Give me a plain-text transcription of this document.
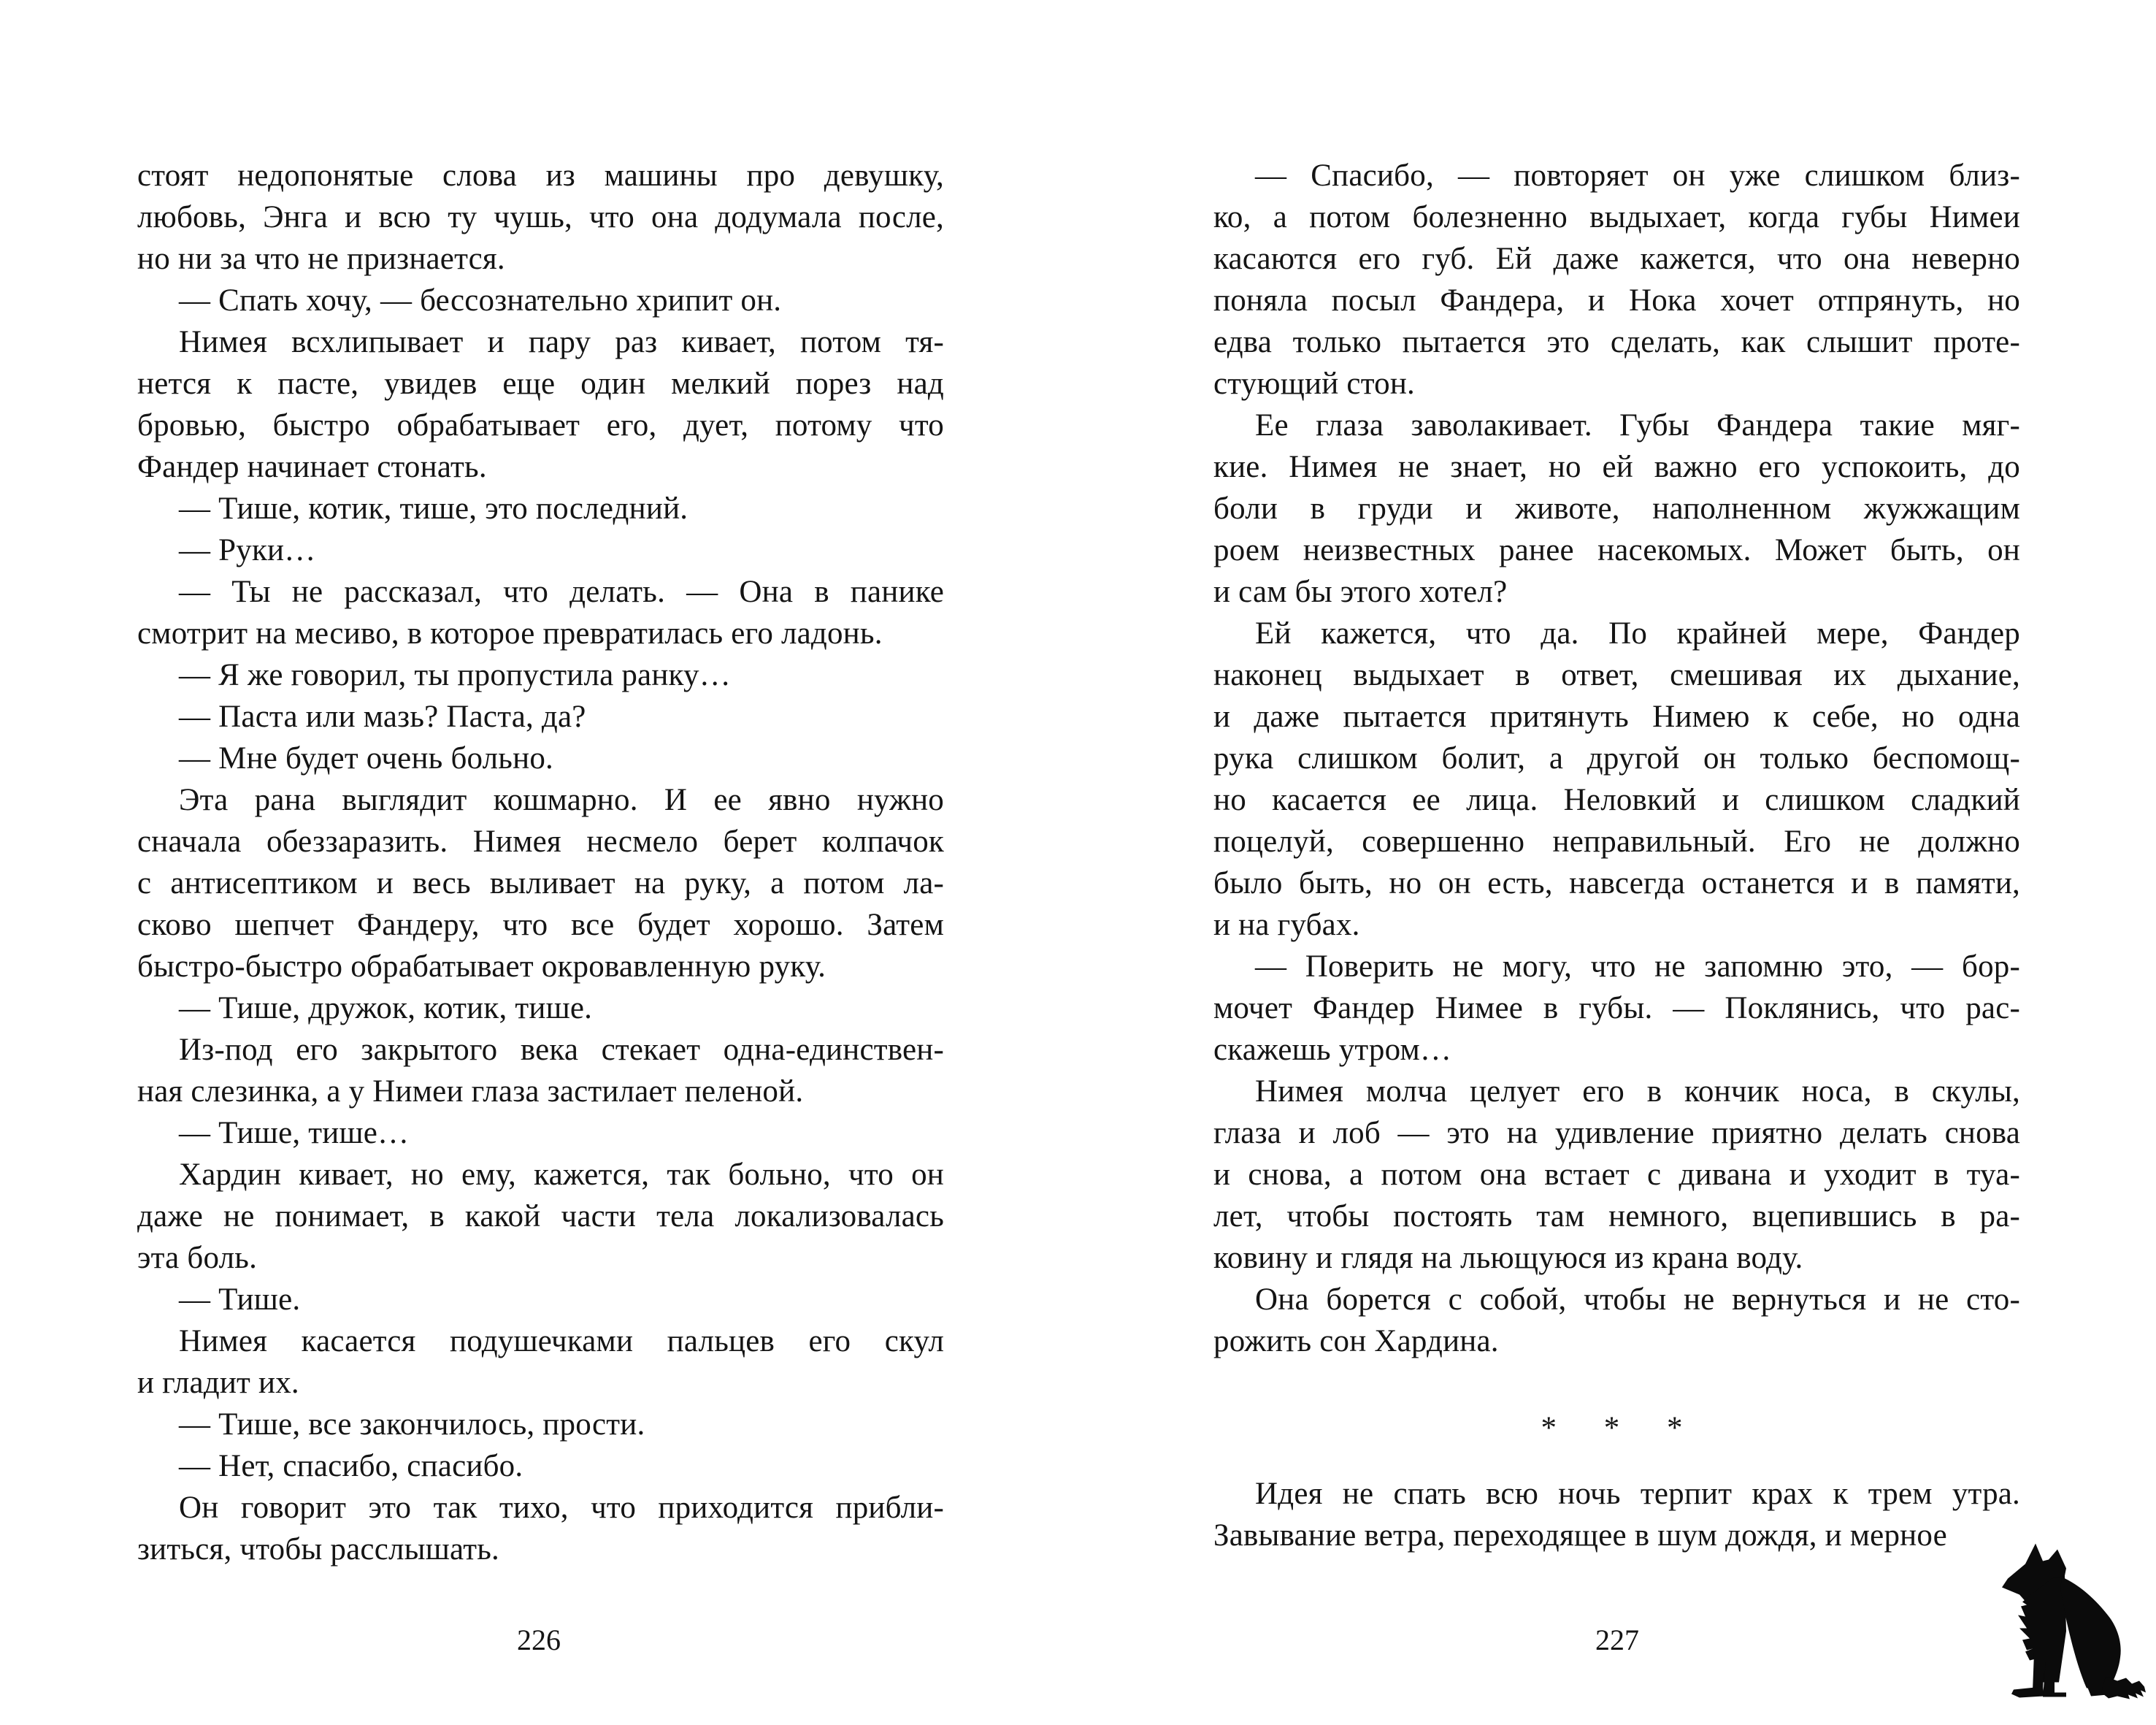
стоят недопонятые слова из машины про девушку,
любовь, Энга и всю ту чушь, что она додумала после,
но ни за что не признается.
— Спать хочу, — бессознательно хрипит он.
Нимея всхлипывает и пару раз кивает, потом тя-
нется к пасте, увидев еще один мелкий порез над
бровью, быстро обрабатывает его, дует, потому что
Фандер начинает стонать.
— Тише, котик, тише, это последний.
— Руки…
— Ты не рассказал, что делать. — Она в панике
смотрит на месиво, в которое превратилась его ладонь.
— Я же говорил, ты пропустила ранку…
— Паста или мазь? Паста, да?
— Мне будет очень больно.
Эта рана выглядит кошмарно. И ее явно нужно
сначала обеззаразить. Нимея несмело берет колпачок
с антисептиком и весь выливает на руку, а потом ла-
сково шепчет Фандеру, что все будет хорошо. Затем
быстро-быстро обрабатывает окровавленную руку.
— Тише, дружок, котик, тише.
Из-под его закрытого века стекает одна-единствен-
ная слезинка, а у Нимеи глаза застилает пеленой.
— Тише, тише…
Хардин кивает, но ему, кажется, так больно, что он
даже не понимает, в какой части тела локализовалась
эта боль.
— Тише.
Нимея касается подушечками пальцев его скул
и гладит их.
— Тише, все закончилось, прости.
— Нет, спасибо, спасибо.
Он говорит это так тихо, что приходится прибли-
зиться, чтобы расслышать.
226
— Спасибо, — повторяет он уже слишком близ-
ко, а потом болезненно выдыхает, когда губы Нимеи
касаются его губ. Ей даже кажется, что она неверно
поняла посыл Фандера, и Нока хочет отпрянуть, но
едва только пытается это сделать, как слышит проте-
стующий стон.
Ее глаза заволакивает. Губы Фандера такие мяг-
кие. Нимея не знает, но ей важно его успокоить, до
боли в груди и животе, наполненном жужжащим
роем неизвестных ранее насекомых. Может быть, он
и сам бы этого хотел?
Ей кажется, что да. По крайней мере, Фандер
наконец выдыхает в ответ, смешивая их дыхание,
и даже пытается притянуть Нимею к себе, но одна
рука слишком болит, а другой он только беспомощ-
но касается ее лица. Неловкий и слишком сладкий
поцелуй, совершенно неправильный. Его не должно
было быть, но он есть, навсегда останется и в памяти,
и на губах.
— Поверить не могу, что не запомню это, — бор-
мочет Фандер Нимее в губы. — Поклянись, что рас-
скажешь утром…
Нимея молча целует его в кончик носа, в скулы,
глаза и лоб — это на удивление приятно делать снова
и снова, а потом она встает с дивана и уходит в туа-
лет, чтобы постоять там немного, вцепившись в ра-
ковину и глядя на льющуюся из крана воду.
Она борется с собой, чтобы не вернуться и не сто-
рожить сон Хардина.
* * *
Идея не спать всю ночь терпит крах к трем утра.
Завывание ветра, переходящее в шум дождя, и мерное
227
